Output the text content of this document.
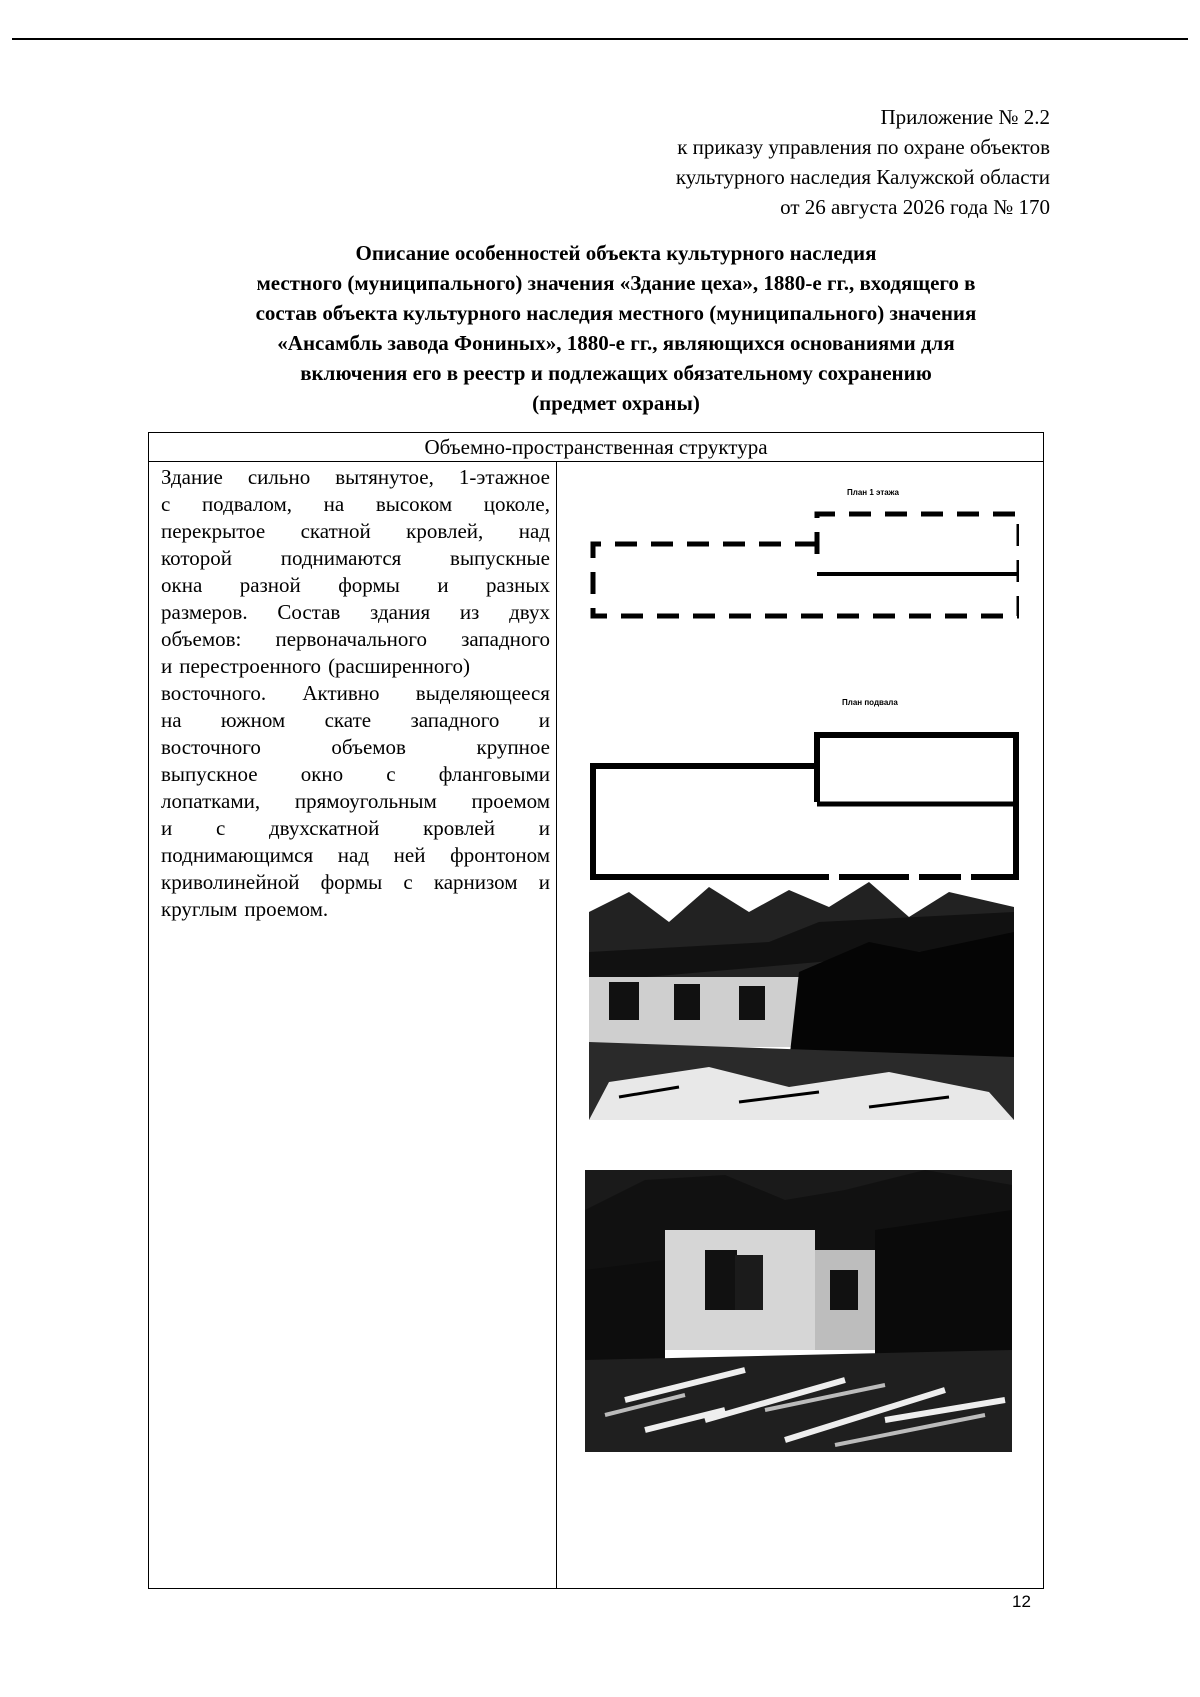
Приложение № 2.2
к приказу управления по охране объектов
культурного наследия Калужской области
от 26 августа 2026 года № 170
Описание особенностей объекта культурного наследия
местного (муниципального) значения «Здание цеха», 1880-е гг., входящего в
состав объекта культурного наследия местного (муниципального) значения
«Ансамбль завода Фониных», 1880-е гг., являющихся основаниями для
включения его в реестр и подлежащих обязательному сохранению
(предмет охраны)
Объемно-пространственная структура
Здание сильно вытянутое, 1-этажное
с подвалом, на высоком цоколе,
перекрытое скатной кровлей, над
которой поднимаются выпускные
окна разной формы и разных
размеров. Состав здания из двух
объемов: первоначального западного
и перестроенного (расширенного)
восточного. Активно выделяющееся
на южном скате западного и
восточного	объемов	крупное
выпускное окно с фланговыми
лопатками, прямоугольным проемом
и с двухскатной кровлей и
поднимающимся над ней фронтоном
криволинейной формы с карнизом и
круглым проемом.
План 1 этажа
План подвала
12
